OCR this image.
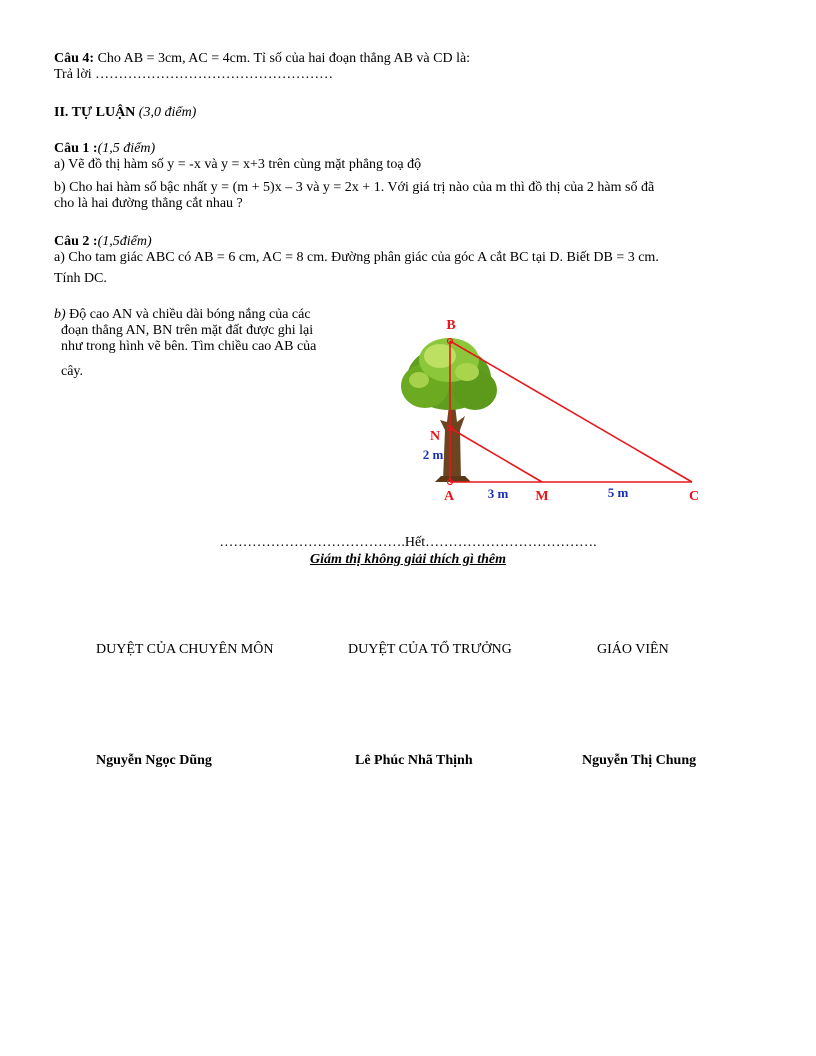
Câu 4: Cho AB = 3cm, AC = 4cm. Tỉ số của hai đoạn thẳng AB và CD là:
Trả lời ……………………………………………
II. TỰ LUẬN (3,0 điểm)
Câu 1 :(1,5 điểm)
a) Vẽ đồ thị hàm số y = -x và y = x+3 trên cùng mặt phẳng toạ độ
b) Cho hai hàm số bậc nhất y = (m + 5)x – 3 và y = 2x + 1. Với giá trị nào của m thì đồ thị của 2 hàm số đã
cho là hai đường thẳng cắt nhau ?
Câu 2 :(1,5điểm)
a) Cho tam giác ABC có AB = 6 cm, AC = 8 cm. Đường phân giác của góc A cắt BC tại D. Biết DB = 3 cm.
Tính DC.
b) Độ cao AN và chiều dài bóng nắng của các
đoạn thẳng AN, BN trên mặt đất được ghi lại
như trong hình vẽ bên. Tìm chiều cao AB của
cây.
B
N
A	M	C
2 m
3 m	5 m
………………………………….Hết……………………………….
Giám thị không giải thích gì thêm
DUYỆT CỦA CHUYÊN MÔN	DUYỆT CỦA TỔ TRƯỞNG	GIÁO VIÊN
Nguyễn Ngọc Dũng	Lê Phúc Nhã Thịnh	Nguyễn Thị Chung
